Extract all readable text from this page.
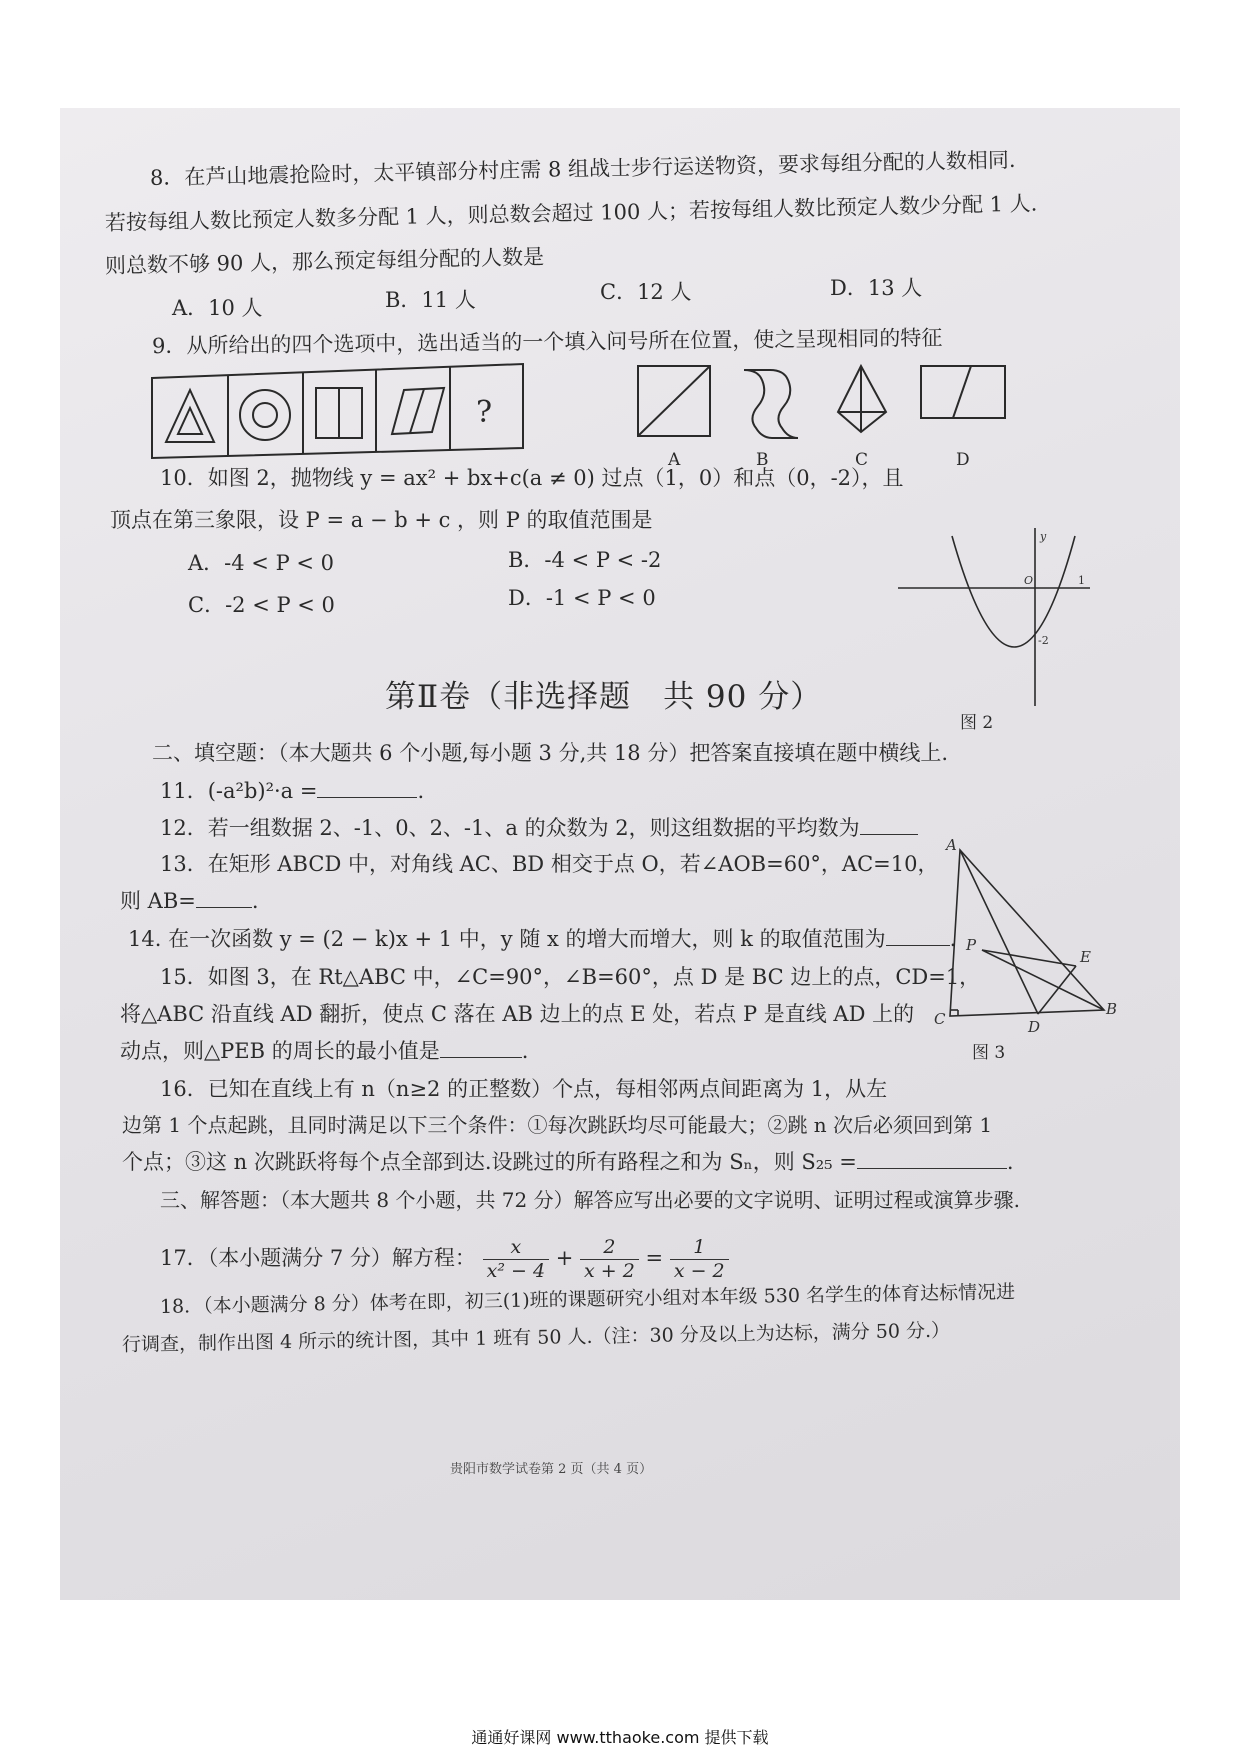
8．在芦山地震抢险时，太平镇部分村庄需 8 组战士步行运送物资，要求每组分配的人数相同.
若按每组人数比预定人数多分配 1 人，则总数会超过 100 人；若按每组人数比预定人数少分配 1 人.
则总数不够 90 人，那么预定每组分配的人数是
A．10 人	B．11 人	C．12 人	D．13 人
9．从所给出的四个选项中，选出适当的一个填入问号所在位置，使之呈现相同的特征
?
A	B	C	D
10．如图 2，抛物线 y = ax² + bx+c(a ≠ 0) 过点（1，0）和点（0，-2），且
顶点在第三象限，设 P = a − b + c ，则 P 的取值范围是
A．-4 < P < 0	B．-4 < P < -2
C．-2 < P < 0	D．-1 < P < 0
O	1
-2
y
图 2
第Ⅱ卷（非选择题　共 90 分）
二、填空题：（本大题共 6 个小题,每小题 3 分,共 18 分）把答案直接填在题中横线上.
11．(-a²b)²·a =	.
12．若一组数据 2、-1、0、2、-1、a 的众数为 2，则这组数据的平均数为
13．在矩形 ABCD 中，对角线 AC、BD 相交于点 O，若∠AOB=60°，AC=10，
则 AB=	.
14. 在一次函数 y = (2 − k)x + 1 中，y 随 x 的增大而增大，则 k 的取值范围为	.
15．如图 3，在 Rt△ABC 中，∠C=90°，∠B=60°，点 D 是 BC 边上的点，CD=1，
将△ABC 沿直线 AD 翻折，使点 C 落在 AB 边上的点 E 处，若点 P 是直线 AD 上的
动点，则△PEB 的周长的最小值是	.
A
P
E
C	D
B
图 3
16．已知在直线上有 n（n≥2 的正整数）个点，每相邻两点间距离为 1，从左
边第 1 个点起跳，且同时满足以下三个条件：①每次跳跃均尽可能最大；②跳 n 次后必须回到第 1
个点；③这 n 次跳跃将每个点全部到达.设跳过的所有路程之和为 Sₙ，则 S₂₅ =	.
三、解答题：（本大题共 8 个小题，共 72 分）解答应写出必要的文字说明、证明过程或演算步骤.
17．（本小题满分 7 分）解方程： $\frac{x}{\text{x² − 4}} + \frac{2}{x + 2} = \frac{1}{x - 2}$
18．（本小题满分 8 分）体考在即，初三(1)班的课题研究小组对本年级 530 名学生的体育达标情况进
行调查，制作出图 4 所示的统计图，其中 1 班有 50 人.（注：30 分及以上为达标，满分 50 分.）
贵阳市数学试卷第 2 页（共 4 页）
通通好课网 www.tthaoke.com 提供下载
